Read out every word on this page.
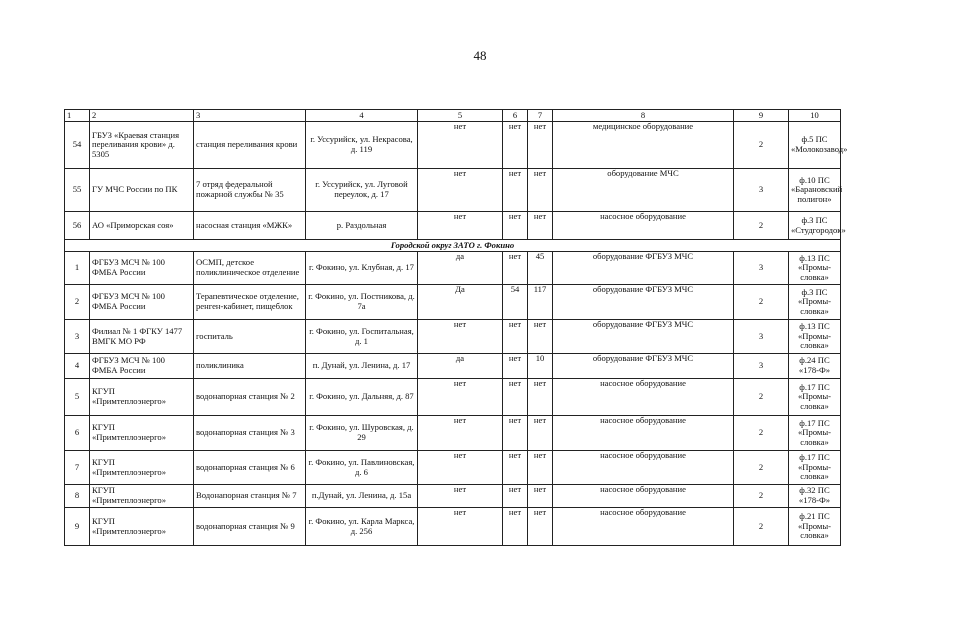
48
1	2	3	4	5	6	7	8	9	10
54	ГБУЗ «Краевая станция переливания крови» д. 5305	станция переливания крови	г. Уссурийск, ул. Некрасова, д. 119	нет	нет	нет	медицинское оборудование	2	ф.5 ПС «Молокозавод»
55	ГУ МЧС России по ПК	7 отряд федеральной пожарной службы № 35	г. Уссурийск, ул. Луговой переулок, д. 17	нет	нет	нет	оборудование МЧС	3	ф.10 ПС «Барановский полигон»
56	АО «Приморская соя»	насосная станция «МЖК»	р. Раздольная	нет	нет	нет	насосное оборудование	2	ф.3 ПС «Студгородок»
Городской округ ЗАТО г. Фокино									
1	ФГБУЗ МСЧ № 100 ФМБА России	ОСМП, детское поликлиническое отделение	г. Фокино, ул. Клубная, д. 17	да	нет	45	оборудование ФГБУЗ МЧС	3	ф.13 ПС «Промы-словка»
2	ФГБУЗ МСЧ № 100 ФМБА России	Терапевтическое отделение, ренген-кабинет, пищеблок	г. Фокино, ул. Постникова, д. 7а	Да	54	117	оборудование ФГБУЗ МЧС	2	ф.3 ПС «Промы-словка»
3	Филиал № 1 ФГКУ 1477 ВМГК МО РФ	госпиталь	г. Фокино, ул. Госпитальная, д. 1	нет	нет	нет	оборудование ФГБУЗ МЧС	3	ф.13 ПС «Промы-словка»
4	ФГБУЗ МСЧ № 100 ФМБА России	поликлиника	п. Дунай, ул. Ленина, д. 17	да	нет	10	оборудование ФГБУЗ МЧС	3	ф.24 ПС «178-Ф»
5	КГУП «Примтеплоэнерго»	водонапорная станция № 2	г. Фокино, ул. Дальняя, д. 87	нет	нет	нет	насосное оборудование	2	ф.17 ПС «Промы-словка»
6	КГУП «Примтеплоэнерго»	водонапорная станция № 3	г. Фокино, ул. Шуровская, д. 29	нет	нет	нет	насосное оборудование	2	ф.17 ПС «Промы-словка»
7	КГУП «Примтеплоэнерго»	водонапорная станция № 6	г. Фокино, ул. Павлиновская, д. 6	нет	нет	нет	насосное оборудование	2	ф.17 ПС «Промы-словка»
8	КГУП «Примтеплоэнерго»	Водонапорная станция № 7	п.Дунай, ул. Ленина, д. 15а	нет	нет	нет	насосное оборудование	2	ф.32 ПС «178-Ф»
9	КГУП «Примтеплоэнерго»	водонапорная станция № 9	г. Фокино, ул. Карла Маркса, д. 256	нет	нет	нет	насосное оборудование	2	ф.21 ПС «Промы-словка»
